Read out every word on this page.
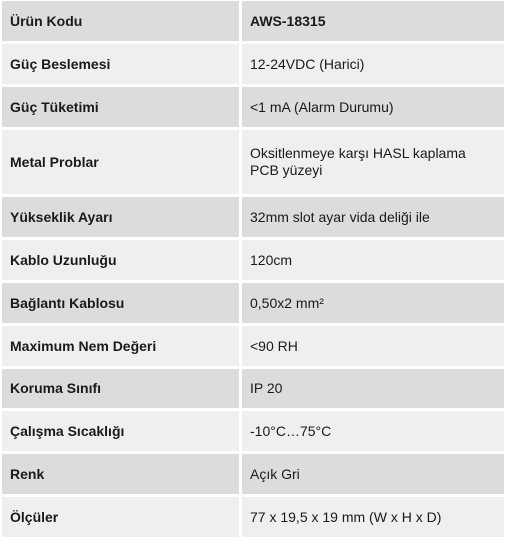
Ürün Kodu	AWS-18315
Güç Beslemesi	12-24VDC (Harici)
Güç Tüketimi	<1 mA (Alarm Durumu)
Metal Problar	Oksitlenmeye karşı HASL kaplama PCB yüzeyi
Yükseklik Ayarı	32mm slot ayar vida deliği ile
Kablo Uzunluğu	120cm
Bağlantı Kablosu	0,50x2 mm²
Maximum Nem Değeri	<90 RH
Koruma Sınıfı	IP 20
Çalışma Sıcaklığı	-10°C…75°C
Renk	Açık Gri
Ölçüler	77 x 19,5 x 19 mm (W x H x D)
